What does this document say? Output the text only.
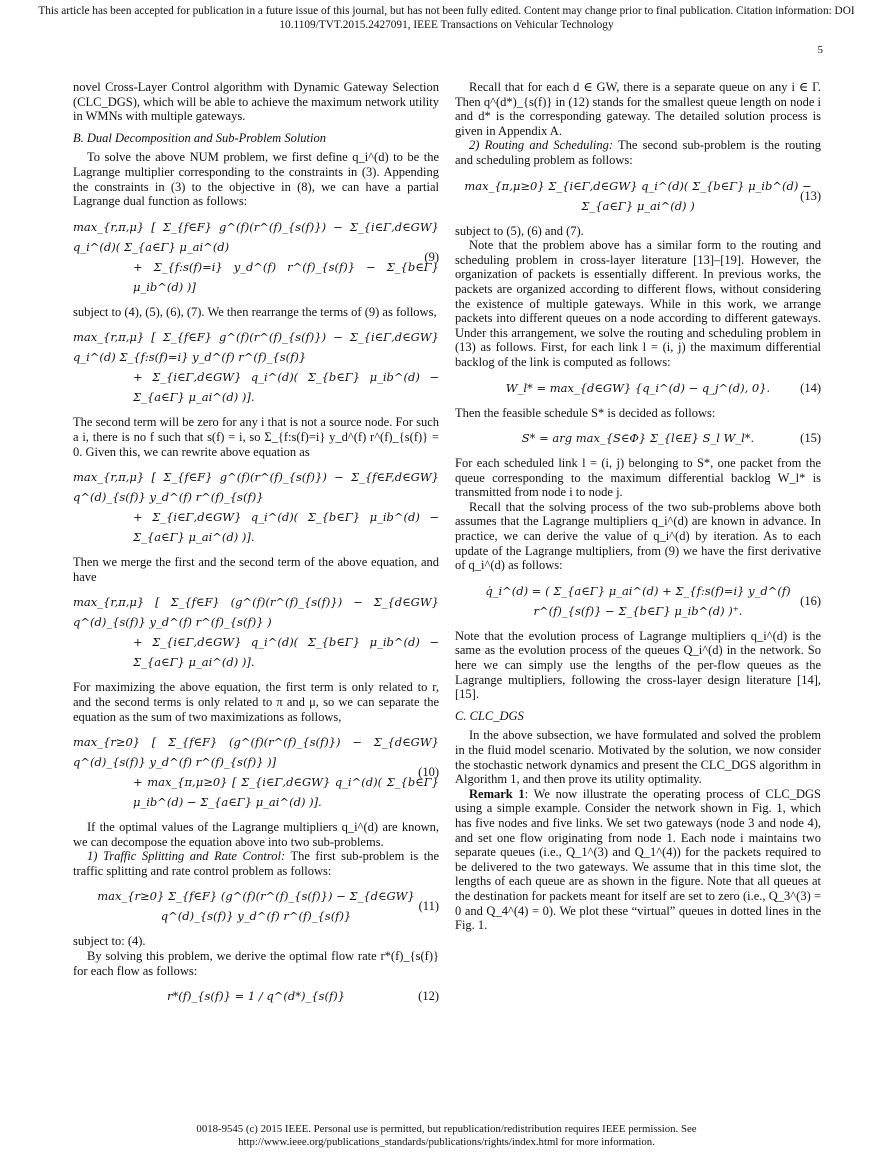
This article has been accepted for publication in a future issue of this journal, but has not been fully edited. Content may change prior to final publication. Citation information: DOI
10.1109/TVT.2015.2427091, IEEE Transactions on Vehicular Technology
5

novel Cross-Layer Control algorithm with Dynamic Gateway Selection (CLC_DGS), which will be able to achieve the maximum network utility in WMNs with multiple gateways.

B. Dual Decomposition and Sub-Problem Solution

To solve the above NUM problem, we first define q_i^(d) to be the Lagrange multiplier corresponding to the constraints in (3). Appending the constraints in (3) to the objective in (8), we can have a partial Lagrange dual function as follows:

max_{r,π,μ} [ Σ_{f∈F} g^(f)(r^(f)_{s(f)}) − Σ_{i∈Γ,d∈GW} q_i^(d)( Σ_{a∈Γ} μ_ai^(d)
+ Σ_{f:s(f)=i} y_d^(f) r^(f)_{s(f)} − Σ_{b∈Γ} μ_ib^(d) )]
(9)

subject to (4), (5), (6), (7). We then rearrange the terms of (9) as follows,

max_{r,π,μ} [ Σ_{f∈F} g^(f)(r^(f)_{s(f)}) − Σ_{i∈Γ,d∈GW} q_i^(d) Σ_{f:s(f)=i} y_d^(f) r^(f)_{s(f)}
+ Σ_{i∈Γ,d∈GW} q_i^(d)( Σ_{b∈Γ} μ_ib^(d) − Σ_{a∈Γ} μ_ai^(d) )].

The second term will be zero for any i that is not a source node. For such a i, there is no f such that s(f) = i, so Σ_{f:s(f)=i} y_d^(f) r^(f)_{s(f)} = 0. Given this, we can rewrite above equation as

max_{r,π,μ} [ Σ_{f∈F} g^(f)(r^(f)_{s(f)}) − Σ_{f∈F,d∈GW} q^(d)_{s(f)} y_d^(f) r^(f)_{s(f)}
+ Σ_{i∈Γ,d∈GW} q_i^(d)( Σ_{b∈Γ} μ_ib^(d) − Σ_{a∈Γ} μ_ai^(d) )].

Then we merge the first and the second term of the above equation, and have

max_{r,π,μ} [ Σ_{f∈F} (g^(f)(r^(f)_{s(f)}) − Σ_{d∈GW} q^(d)_{s(f)} y_d^(f) r^(f)_{s(f)} )
+ Σ_{i∈Γ,d∈GW} q_i^(d)( Σ_{b∈Γ} μ_ib^(d) − Σ_{a∈Γ} μ_ai^(d) )].

For maximizing the above equation, the first term is only related to r, and the second terms is only related to π and μ, so we can separate the equation as the sum of two maximizations as follows,

max_{r≥0} [ Σ_{f∈F} (g^(f)(r^(f)_{s(f)}) − Σ_{d∈GW} q^(d)_{s(f)} y_d^(f) r^(f)_{s(f)} )]
+ max_{π,μ≥0} [ Σ_{i∈Γ,d∈GW} q_i^(d)( Σ_{b∈Γ} μ_ib^(d) − Σ_{a∈Γ} μ_ai^(d) )].
(10)

If the optimal values of the Lagrange multipliers q_i^(d) are known, we can decompose the equation above into two sub-problems.

1) Traffic Splitting and Rate Control: The first sub-problem is the traffic splitting and rate control problem as follows:

max_{r≥0} Σ_{f∈F} (g^(f)(r^(f)_{s(f)}) − Σ_{d∈GW} q^(d)_{s(f)} y_d^(f) r^(f)_{s(f)}
(11)

subject to: (4).

By solving this problem, we derive the optimal flow rate r*(f)_{s(f)} for each flow as follows:

r*(f)_{s(f)} = 1 / q^(d*)_{s(f)}	(12)

Recall that for each d ∈ GW, there is a separate queue on any i ∈ Γ. Then q^(d*)_{s(f)} in (12) stands for the smallest queue length on node i and d* is the corresponding gateway. The detailed solution process is given in Appendix A.

2) Routing and Scheduling: The second sub-problem is the routing and scheduling problem as follows:

max_{π,μ≥0} Σ_{i∈Γ,d∈GW} q_i^(d)( Σ_{b∈Γ} μ_ib^(d) − Σ_{a∈Γ} μ_ai^(d) )
(13)

subject to (5), (6) and (7).

Note that the problem above has a similar form to the routing and scheduling problem in cross-layer literature [13]–[19]. However, the organization of packets is essentially different. In previous works, the packets are organized according to different flows, without considering the existence of multiple gateways. While in this work, we arrange packets into different queues on a node according to different gateways. Under this arrangement, we solve the routing and scheduling problem in (13) as follows. First, for each link l = (i, j) the maximum differential backlog of the link is computed as follows:

W_l* = max_{d∈GW} {q_i^(d) − q_j^(d), 0}.	(14)

Then the feasible schedule S* is decided as follows:

S* = arg max_{S∈Φ} Σ_{l∈E} S_l W_l*.	(15)

For each scheduled link l = (i, j) belonging to S*, one packet from the queue corresponding to the maximum differential backlog W_l* is transmitted from node i to node j.

Recall that the solving process of the two sub-problems above both assumes that the Lagrange multipliers q_i^(d) are known in advance. In practice, we can derive the value of q_i^(d) by iteration. As to each update of the Lagrange multipliers, from (9) we have the first derivative of q_i^(d) as follows:

q̇_i^(d) = ( Σ_{a∈Γ} μ_ai^(d) + Σ_{f:s(f)=i} y_d^(f) r^(f)_{s(f)} − Σ_{b∈Γ} μ_ib^(d) )⁺.
(16)

Note that the evolution process of Lagrange multipliers q_i^(d) is the same as the evolution process of the queues Q_i^(d) in the network. So here we can simply use the lengths of the per-flow queues as the Lagrange multipliers, following the cross-layer design literature [14], [15].

C. CLC_DGS

In the above subsection, we have formulated and solved the problem in the fluid model scenario. Motivated by the solution, we now consider the stochastic network dynamics and present the CLC_DGS algorithm in Algorithm 1, and then prove its utility optimality.

Remark 1: We now illustrate the operating process of CLC_DGS using a simple example. Consider the network shown in Fig. 1, which has five nodes and five links. We set two gateways (node 3 and node 4), and set one flow originating from node 1. Each node i maintains two separate queues (i.e., Q_1^(3) and Q_1^(4)) for the packets required to be delivered to the two gateways. We assume that in this time slot, the lengths of each queue are as shown in the figure. Note that all queues at the destination for packets meant for itself are set to zero (i.e., Q_3^(3) = 0 and Q_4^(4) = 0). We plot these “virtual” queues in dotted lines in the Fig. 1.

0018-9545 (c) 2015 IEEE. Personal use is permitted, but republication/redistribution requires IEEE permission. See
http://www.ieee.org/publications_standards/publications/rights/index.html for more information.
